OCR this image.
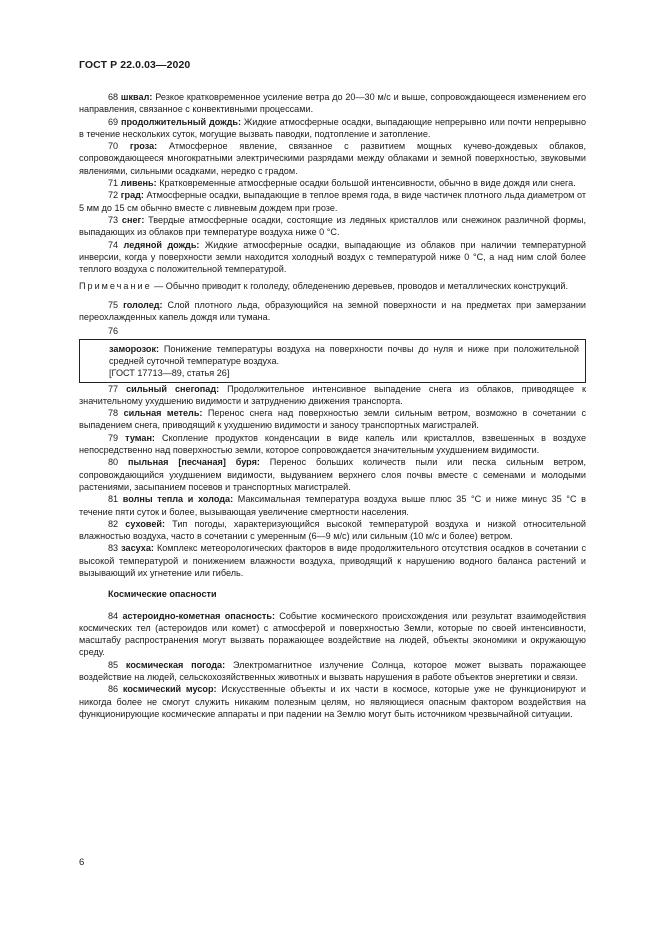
ГОСТ Р 22.0.03—2020

68 шквал: Резкое кратковременное усиление ветра до 20—30 м/с и выше, сопровождающееся изменением его направления, связанное с конвективными процессами.

69 продолжительный дождь: Жидкие атмосферные осадки, выпадающие непрерывно или почти непрерывно в течение нескольких суток, могущие вызвать паводки, подтопление и затопление.

70 гроза: Атмосферное явление, связанное с развитием мощных кучево-дождевых облаков, сопровождающееся многократными электрическими разрядами между облаками и земной поверхностью, звуковыми явлениями, сильными осадками, нередко с градом.

71 ливень: Кратковременные атмосферные осадки большой интенсивности, обычно в виде дождя или снега.

72 град: Атмосферные осадки, выпадающие в теплое время года, в виде частичек плотного льда диаметром от 5 мм до 15 см обычно вместе с ливневым дождем при грозе.

73 снег: Твердые атмосферные осадки, состоящие из ледяных кристаллов или снежинок различной формы, выпадающих из облаков при температуре воздуха ниже 0 °C.

74 ледяной дождь: Жидкие атмосферные осадки, выпадающие из облаков при наличии температурной инверсии, когда у поверхности земли находится холодный воздух с температурой ниже 0 °C, а над ним слой более теплого воздуха с положительной температурой.

Примечание — Обычно приводит к гололеду, обледенению деревьев, проводов и металлических конструкций.

75 гололед: Слой плотного льда, образующийся на земной поверхности и на предметах при замерзании переохлажденных капель дождя или тумана.

76

заморозок: Понижение температуры воздуха на поверхности почвы до нуля и ниже при положительной средней суточной температуре воздуха.

[ГОСТ 17713—89, статья 26]

77 сильный снегопад: Продолжительное интенсивное выпадение снега из облаков, приводящее к значительному ухудшению видимости и затруднению движения транспорта.

78 сильная метель: Перенос снега над поверхностью земли сильным ветром, возможно в сочетании с выпадением снега, приводящий к ухудшению видимости и заносу транспортных магистралей.

79 туман: Скопление продуктов конденсации в виде капель или кристаллов, взвешенных в воздухе непосредственно над поверхностью земли, которое сопровождается значительным ухудшением видимости.

80 пыльная [песчаная] буря: Перенос больших количеств пыли или песка сильным ветром, сопровождающийся ухудшением видимости, выдуванием верхнего слоя почвы вместе с семенами и молодыми растениями, засыпанием посевов и транспортных магистралей.

81 волны тепла и холода: Максимальная температура воздуха выше плюс 35 °C и ниже минус 35 °C в течение пяти суток и более, вызывающая увеличение смертности населения.

82 суховей: Тип погоды, характеризующийся высокой температурой воздуха и низкой относительной влажностью воздуха, часто в сочетании с умеренным (6—9 м/с) или сильным (10 м/с и более) ветром.

83 засуха: Комплекс метеорологических факторов в виде продолжительного отсутствия осадков в сочетании с высокой температурой и понижением влажности воздуха, приводящий к нарушению водного баланса растений и вызывающий их угнетение или гибель.

Космические опасности

84 астероидно-кометная опасность: Событие космического происхождения или результат взаимодействия космических тел (астероидов или комет) с атмосферой и поверхностью Земли, которые по своей интенсивности, масштабу распространения могут вызвать поражающее воздействие на людей, объекты экономики и окружающую среду.

85 космическая погода: Электромагнитное излучение Солнца, которое может вызвать поражающее воздействие на людей, сельскохозяйственных животных и вызвать нарушения в работе объектов энергетики и связи.

86 космический мусор: Искусственные объекты и их части в космосе, которые уже не функционируют и никогда более не смогут служить никаким полезным целям, но являющиеся опасным фактором воздействия на функционирующие космические аппараты и при падении на Землю могут быть источником чрезвычайной ситуации.

6
